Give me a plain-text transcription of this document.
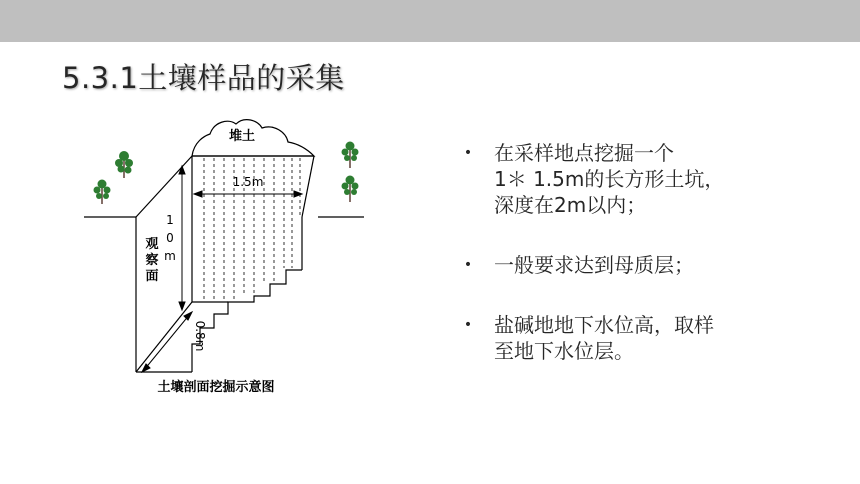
5.3.1土壤样品的采集
堆土
1.5m
1
0
m
观
察
面
0.8m
土壤剖面挖掘示意图
• 在采样地点挖掘一个
1＊ 1.5m的长方形土坑，
深度在2m以内；
• 一般要求达到母质层；
• 盐碱地地下水位高，取样
至地下水位层。
